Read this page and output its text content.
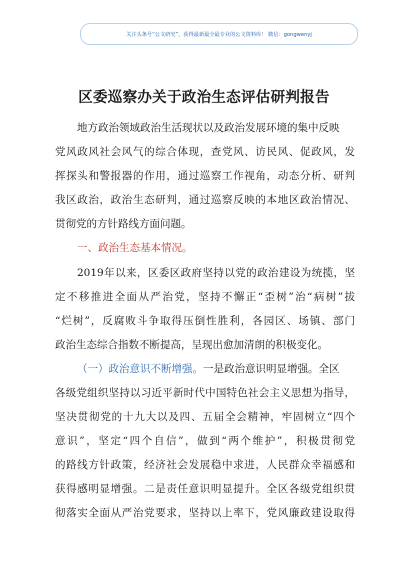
关注头条号“公文研究”，获得最新最全最专业的公文资料库！ 微信：gongwenyj
区委巡察办关于政治生态评估研判报告
地方政治领域政治生活现状以及政治发展环境的集中反映
党风政风社会风气的综合体现，查党风、访民风、促政风，发
挥探头和警报器的作用，通过巡察工作视角，动态分析、研判
我区政治，政治生态研判，通过巡察反映的本地区政治情况、
贯彻党的方针路线方面问题。
一、政治生态基本情况。
2019年以来，区委区政府坚持以党的政治建设为统揽，坚
定不移推进全面从严治党，坚持不懈正“歪树”治“病树”拔
“烂树”，反腐败斗争取得压倒性胜利，各园区、场镇、部门
政治生态综合指数不断提高，呈现出愈加清朗的积极变化。
（一）政治意识不断增强。一是政治意识明显增强。全区
各级党组织坚持以习近平新时代中国特色社会主义思想为指导，
坚决贯彻党的十九大以及四、五届全会精神，牢固树立“四个
意识”，坚定“四个自信”，做到“两个维护”，积极贯彻党
的路线方针政策，经济社会发展稳中求进，人民群众幸福感和
获得感明显增强。二是责任意识明显提升。全区各级党组织贯
彻落实全面从严治党要求，坚持以上率下，党风廉政建设取得
